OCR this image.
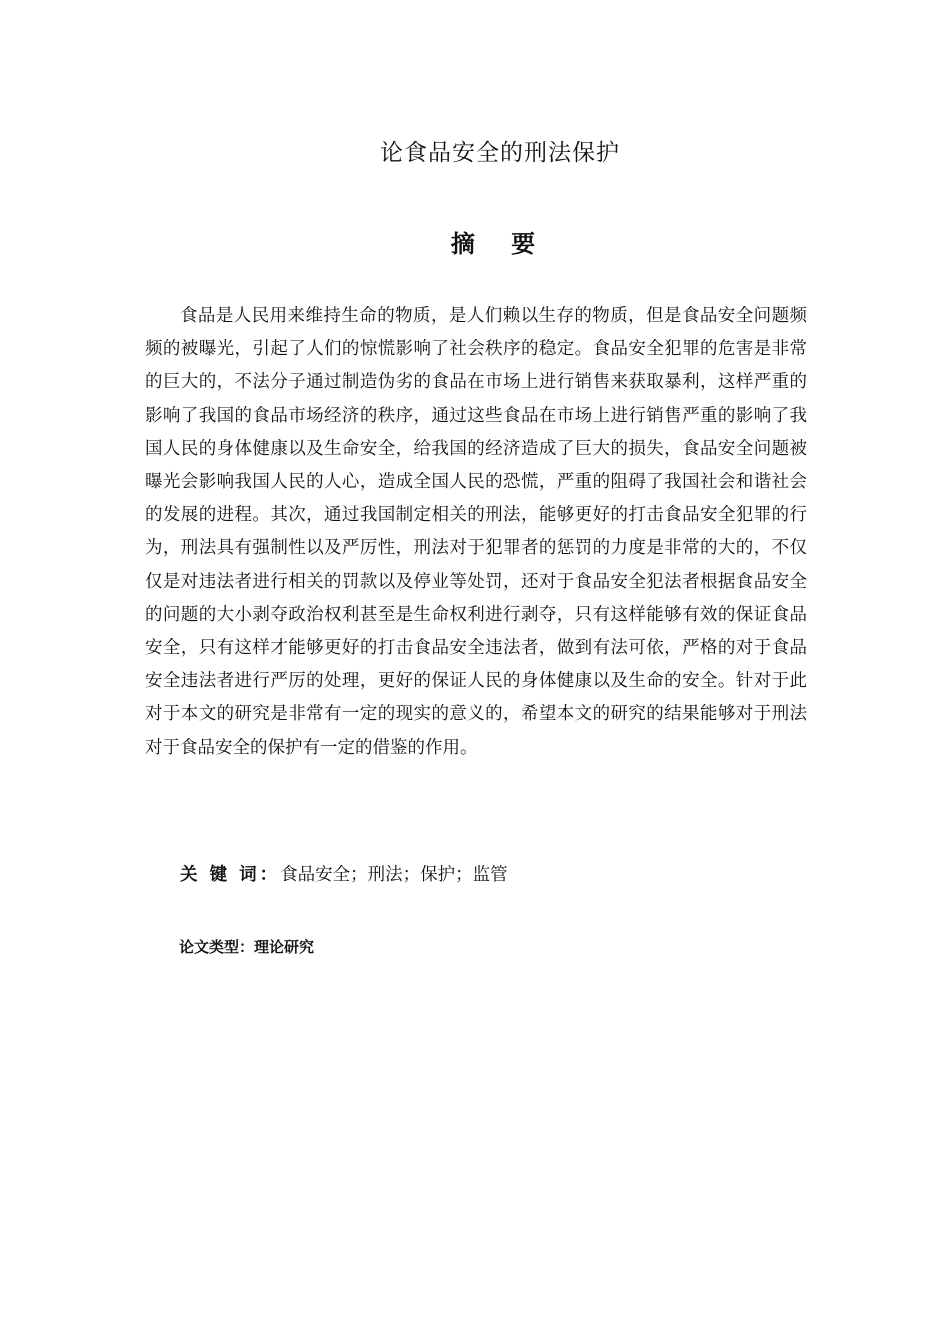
论食品安全的刑法保护
摘 要
食品是人民用来维持生命的物质，是人们赖以生存的物质，但是食品安全问题频频的被曝光，引起了人们的惊慌影响了社会秩序的稳定。食品安全犯罪的危害是非常的巨大的，不法分子通过制造伪劣的食品在市场上进行销售来获取暴利，这样严重的影响了我国的食品市场经济的秩序，通过这些食品在市场上进行销售严重的影响了我国人民的身体健康以及生命安全，给我国的经济造成了巨大的损失，食品安全问题被曝光会影响我国人民的人心，造成全国人民的恐慌，严重的阻碍了我国社会和谐社会的发展的进程。其次，通过我国制定相关的刑法，能够更好的打击食品安全犯罪的行为，刑法具有强制性以及严厉性，刑法对于犯罪者的惩罚的力度是非常的大的，不仅仅是对违法者进行相关的罚款以及停业等处罚，还对于食品安全犯法者根据食品安全的问题的大小剥夺政治权利甚至是生命权利进行剥夺，只有这样能够有效的保证食品安全，只有这样才能够更好的打击食品安全违法者，做到有法可依，严格的对于食品安全违法者进行严厉的处理，更好的保证人民的身体健康以及生命的安全。针对于此对于本文的研究是非常有一定的现实的意义的，希望本文的研究的结果能够对于刑法对于食品安全的保护有一定的借鉴的作用。
关 键 词：食品安全；刑法；保护；监管
论文类型：理论研究
